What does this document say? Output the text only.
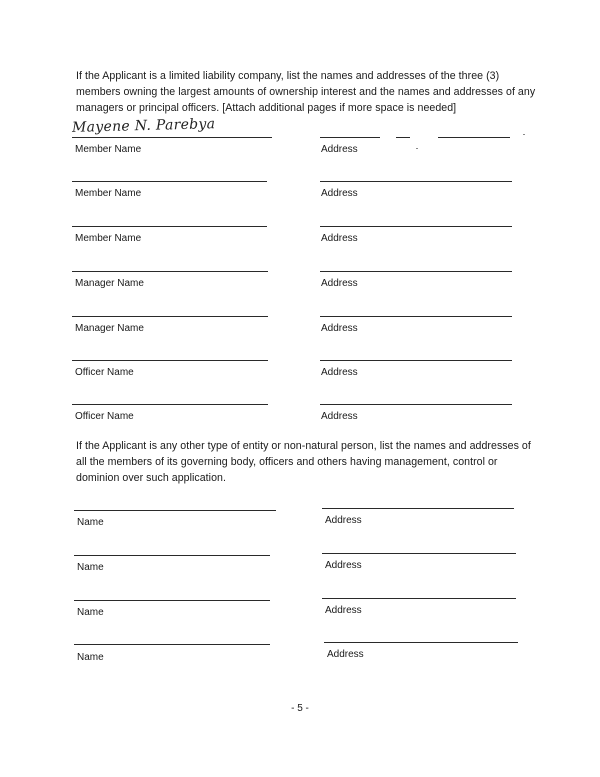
If the Applicant is a limited liability company, list the names and addresses of the three (3) members owning the largest amounts of ownership interest and the names and addresses of any managers or principal officers. [Attach additional pages if more space is needed]
Mayene N. Parebya
Member Name	Address
Member Name	Address
Member Name	Address
Manager Name	Address
Manager Name	Address
Officer Name	Address
Officer Name	Address
If the Applicant is any other type of entity or non-natural person, list the names and addresses of all the members of its governing body, officers and others having management, control or dominion over such application.
Name	Address
Name	Address
Name	Address
Name	Address
- 5 -
